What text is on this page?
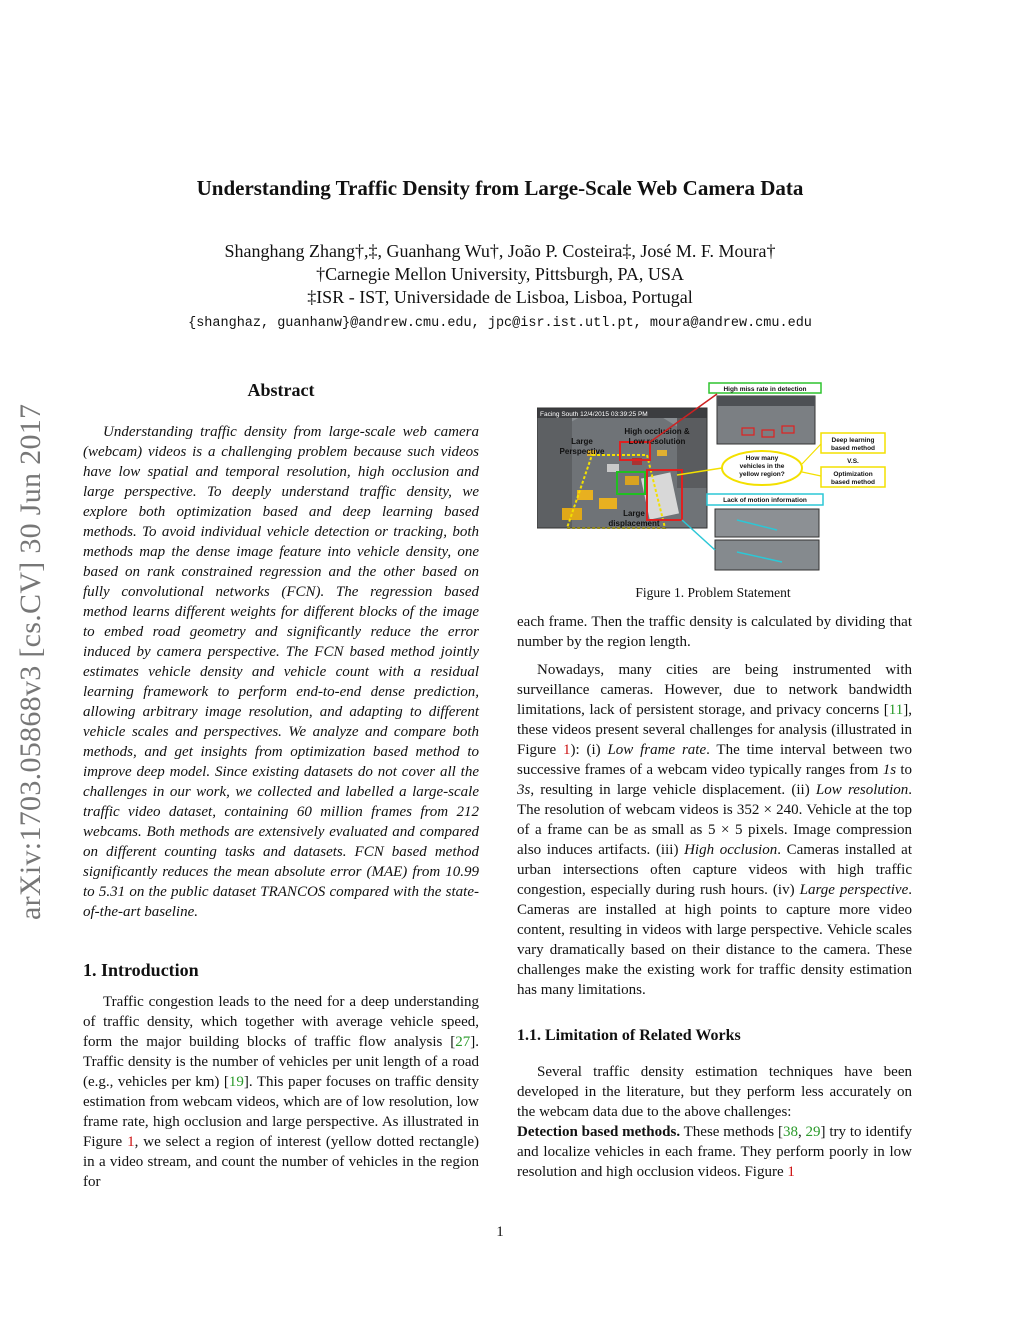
Understanding Traffic Density from Large-Scale Web Camera Data
Shanghang Zhang†,‡, Guanhang Wu†, João P. Costeira‡, José M. F. Moura†
†Carnegie Mellon University, Pittsburgh, PA, USA
‡ISR - IST, Universidade de Lisboa, Lisboa, Portugal
{shanghaz, guanhanw}@andrew.cmu.edu, jpc@isr.ist.utl.pt, moura@andrew.cmu.edu
arXiv:1703.05868v3 [cs.CV] 30 Jun 2017
Abstract

Understanding traffic density from large-scale web camera (webcam) videos is a challenging problem because such videos have low spatial and temporal resolution, high occlusion and large perspective. To deeply understand traffic density, we explore both optimization based and deep learning based methods. To avoid individual vehicle detection or tracking, both methods map the dense image feature into vehicle density, one based on rank constrained regression and the other based on fully convolutional networks (FCN). The regression based method learns different weights for different blocks of the image to embed road geometry and significantly reduce the error induced by camera perspective. The FCN based method jointly estimates vehicle density and vehicle count with a residual learning framework to perform end-to-end dense prediction, allowing arbitrary image resolution, and adapting to different vehicle scales and perspectives. We analyze and compare both methods, and get insights from optimization based method to improve deep model. Since existing datasets do not cover all the challenges in our work, we collected and labelled a large-scale traffic video dataset, containing 60 million frames from 212 webcams. Both methods are extensively evaluated and compared on different counting tasks and datasets. FCN based method significantly reduces the mean absolute error (MAE) from 10.99 to 5.31 on the public dataset TRANCOS compared with the state-of-the-art baseline.

1. Introduction

Traffic congestion leads to the need for a deep understanding of traffic density, which together with average vehicle speed, form the major building blocks of traffic flow analysis [27]. Traffic density is the number of vehicles per unit length of a road (e.g., vehicles per km) [19]. This paper focuses on traffic density estimation from webcam videos, which are of low resolution, low frame rate, high occlusion and large perspective. As illustrated in Figure 1, we select a region of interest (yellow dotted rectangle) in a video stream, and count the number of vehicles in the region for

Facing South 12/4/2015 03:39:25 PM
High occlusion &
Low resolution
Large
Perspective
Large
displacement
High miss rate in detection
How many
vehicles in the
yellow region?
Deep learning
based method
V.S.
Optimization
based method
Lack of motion information
Figure 1. Problem Statement

each frame. Then the traffic density is calculated by dividing that number by the region length.

Nowadays, many cities are being instrumented with surveillance cameras. However, due to network bandwidth limitations, lack of persistent storage, and privacy concerns [11], these videos present several challenges for analysis (illustrated in Figure 1): (i) Low frame rate. The time interval between two successive frames of a webcam video typically ranges from 1s to 3s, resulting in large vehicle displacement. (ii) Low resolution. The resolution of webcam videos is 352 × 240. Vehicle at the top of a frame can be as small as 5 × 5 pixels. Image compression also induces artifacts. (iii) High occlusion. Cameras installed at urban intersections often capture videos with high traffic congestion, especially during rush hours. (iv) Large perspective. Cameras are installed at high points to capture more video content, resulting in videos with large perspective. Vehicle scales vary dramatically based on their distance to the camera. These challenges make the existing work for traffic density estimation has many limitations.

1.1. Limitation of Related Works

Several traffic density estimation techniques have been developed in the literature, but they perform less accurately on the webcam data due to the above challenges:

Detection based methods. These methods [38, 29] try to identify and localize vehicles in each frame. They perform poorly in low resolution and high occlusion videos. Figure 1

1
